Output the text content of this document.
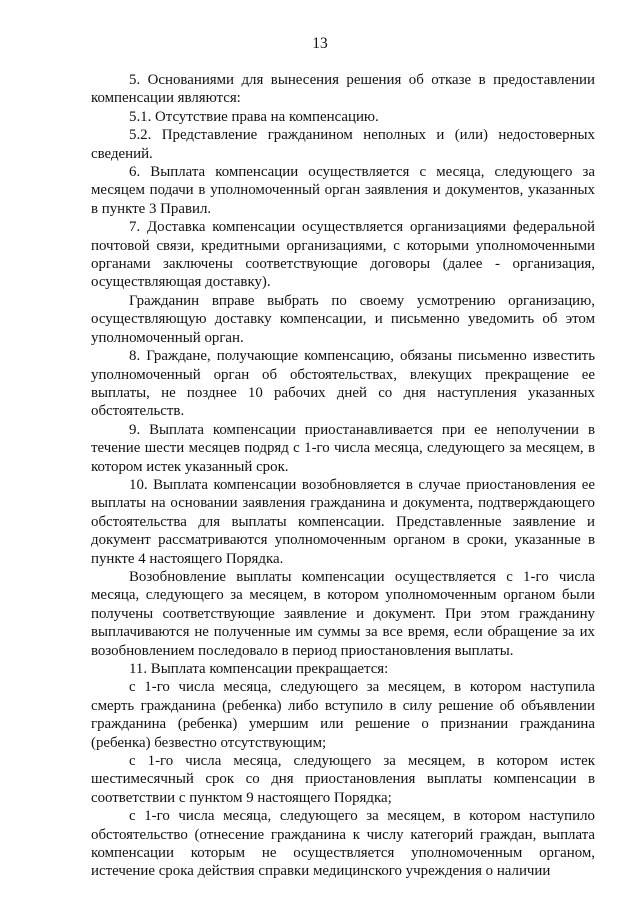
13

5. Основаниями для вынесения решения об отказе в предоставлении компенсации являются:

5.1. Отсутствие права на компенсацию.

5.2. Представление гражданином неполных и (или) недостоверных сведений.

6. Выплата компенсации осуществляется с месяца, следующего за месяцем подачи в уполномоченный орган заявления и документов, указанных в пункте 3 Правил.

7. Доставка компенсации осуществляется организациями федеральной почтовой связи, кредитными организациями, с которыми уполномоченными органами заключены соответствующие договоры (далее - организация, осуществляющая доставку).

Гражданин вправе выбрать по своему усмотрению организацию, осуществляющую доставку компенсации, и письменно уведомить об этом уполномоченный орган.

8. Граждане, получающие компенсацию, обязаны письменно известить уполномоченный орган об обстоятельствах, влекущих прекращение ее выплаты, не позднее 10 рабочих дней со дня наступления указанных обстоятельств.

9. Выплата компенсации приостанавливается при ее неполучении в течение шести месяцев подряд с 1-го числа месяца, следующего за месяцем, в котором истек указанный срок.

10. Выплата компенсации возобновляется в случае приостановления ее выплаты на основании заявления гражданина и документа, подтверждающего обстоятельства для выплаты компенсации. Представленные заявление и документ рассматриваются уполномоченным органом в сроки, указанные в пункте 4 настоящего Порядка.

Возобновление выплаты компенсации осуществляется с 1-го числа месяца, следующего за месяцем, в котором уполномоченным органом были получены соответствующие заявление и документ. При этом гражданину выплачиваются не полученные им суммы за все время, если обращение за их возобновлением последовало в период приостановления выплаты.

11. Выплата компенсации прекращается:

с 1-го числа месяца, следующего за месяцем, в котором наступила смерть гражданина (ребенка) либо вступило в силу решение об объявлении гражданина (ребенка) умершим или решение о признании гражданина (ребенка) безвестно отсутствующим;

с 1-го числа месяца, следующего за месяцем, в котором истек шестимесячный срок со дня приостановления выплаты компенсации в соответствии с пунктом 9 настоящего Порядка;

с 1-го числа месяца, следующего за месяцем, в котором наступило обстоятельство (отнесение гражданина к числу категорий граждан, выплата компенсации которым не осуществляется уполномоченным органом, истечение срока действия справки медицинского учреждения о наличии
